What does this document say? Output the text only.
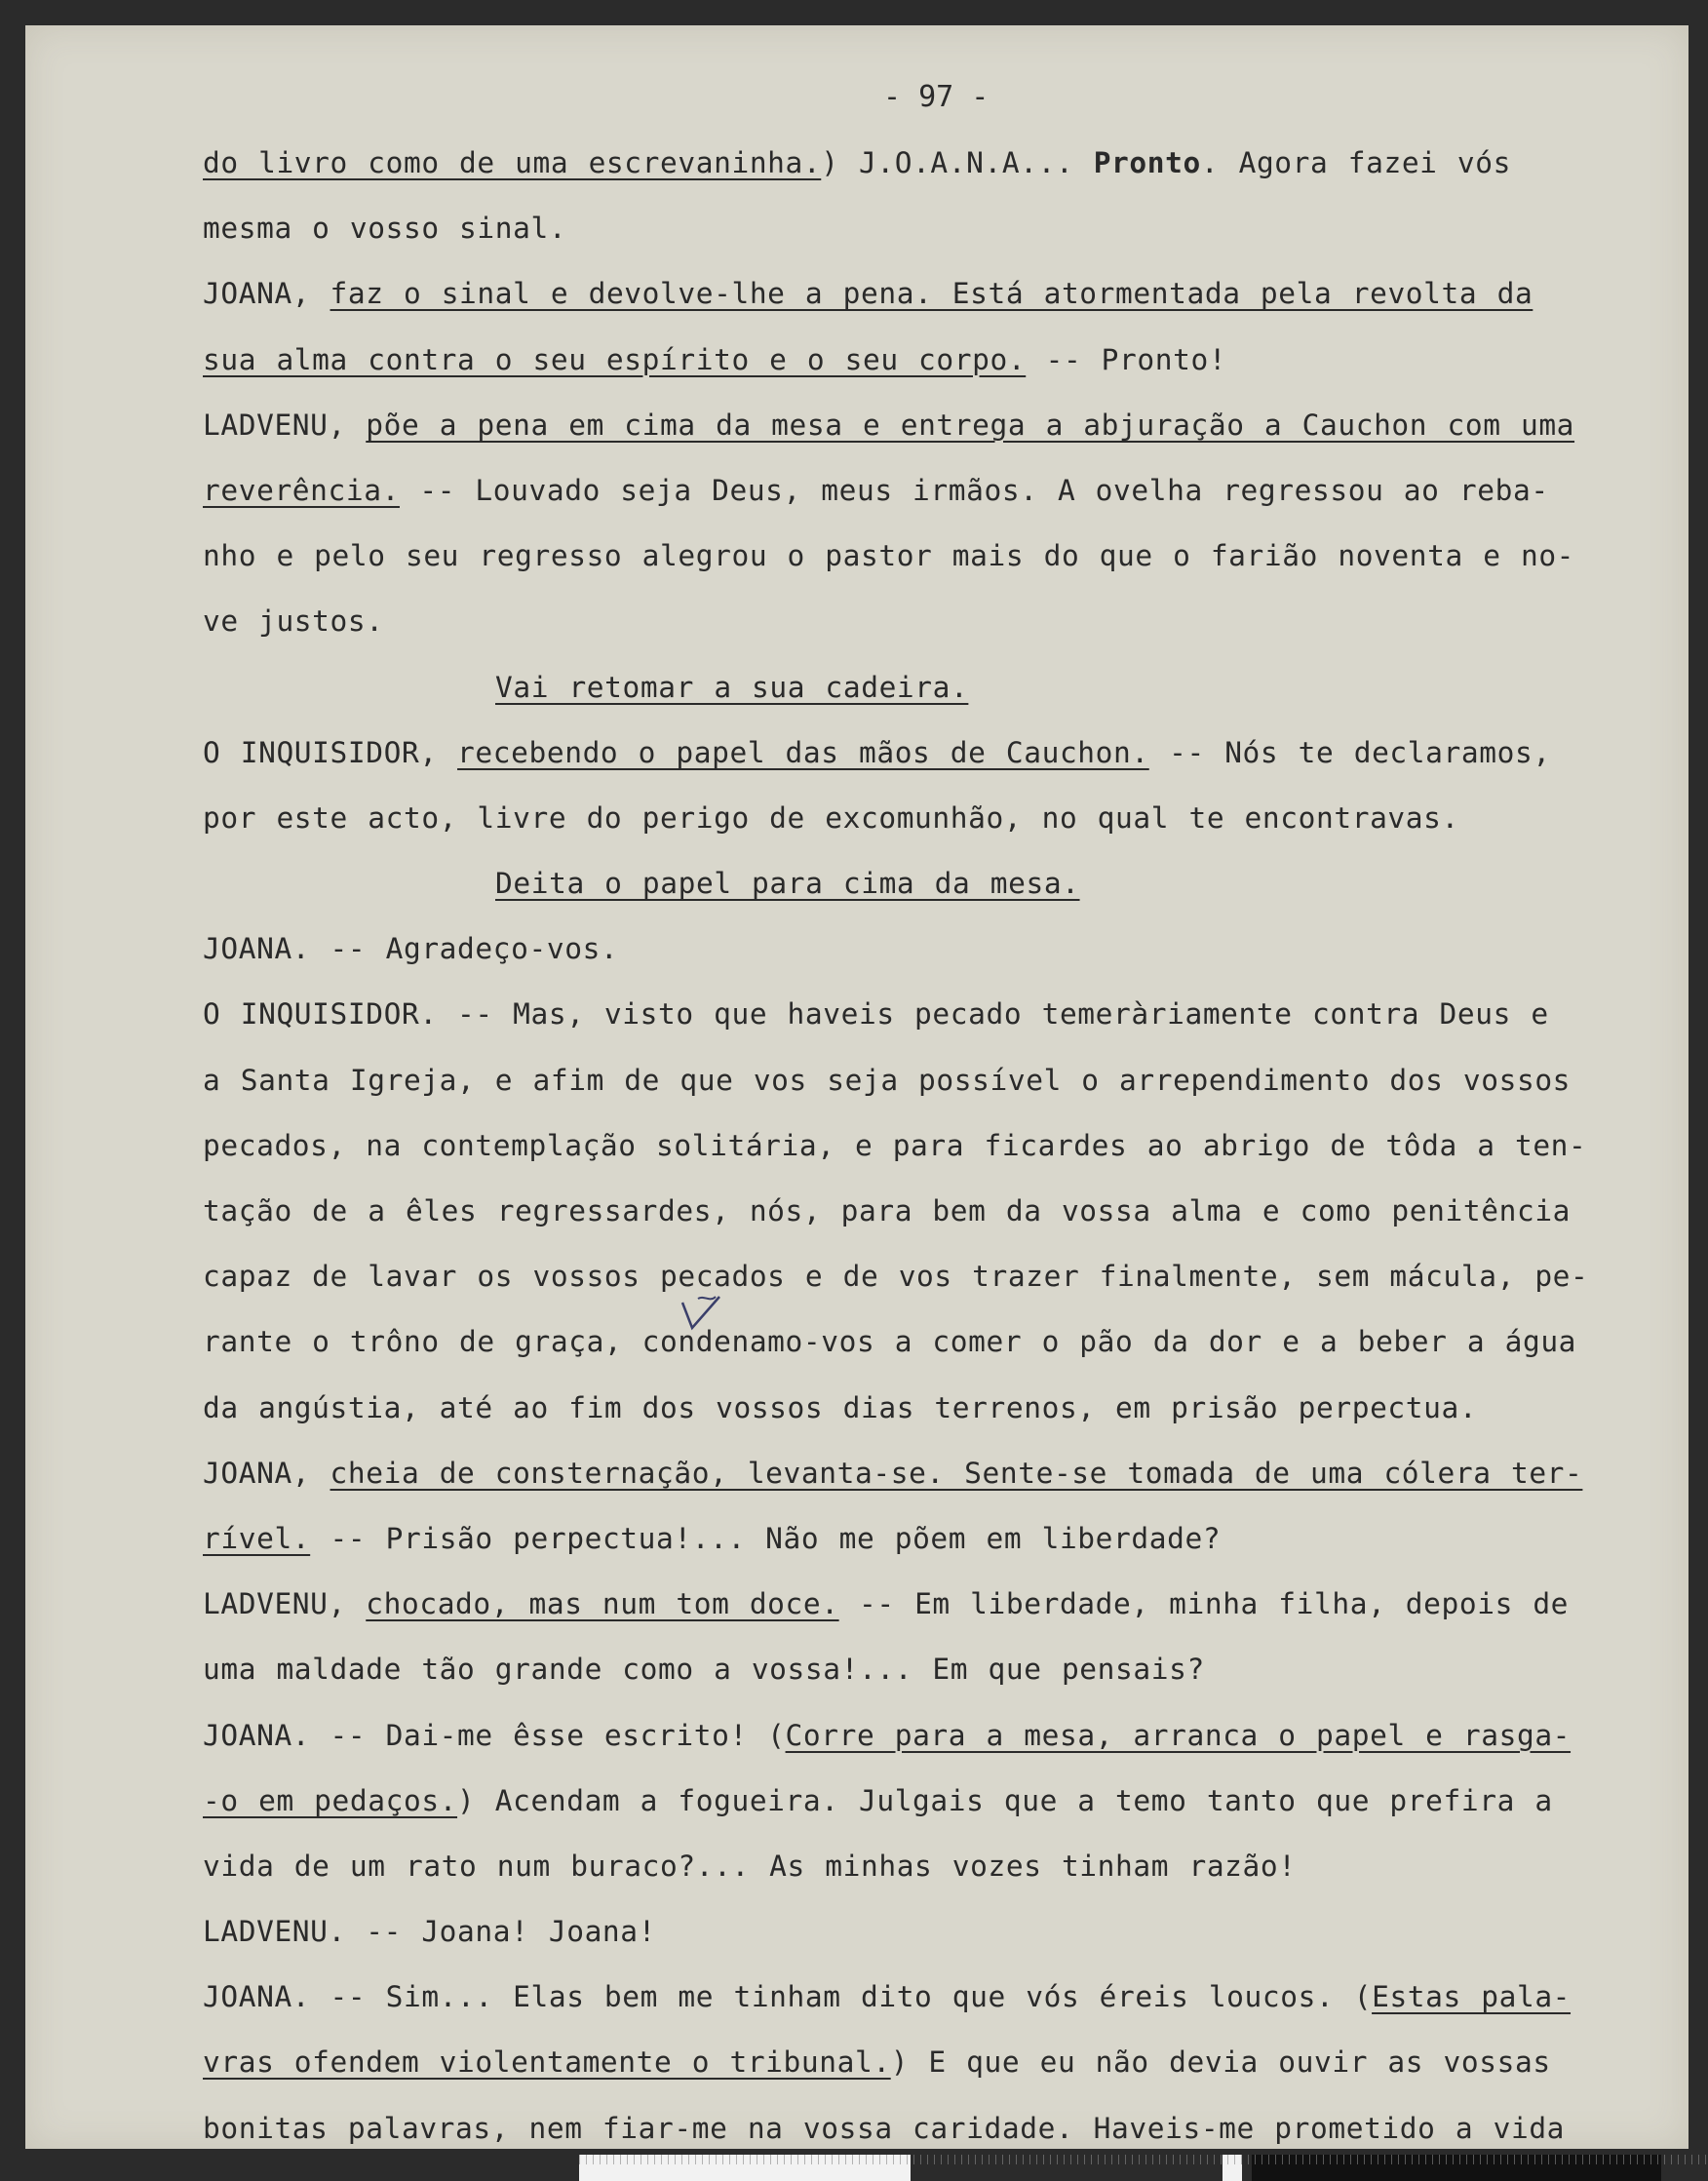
- 97 -
do livro como de uma escrevaninha.) J.O.A.N.A... Pronto. Agora fazei vós
mesma o vosso sinal.
JOANA, faz o sinal e devolve-lhe a pena. Está atormentada pela revolta da
sua alma contra o seu espírito e o seu corpo. -- Pronto!
LADVENU, põe a pena em cima da mesa e entrega a abjuração a Cauchon com uma
reverência. -- Louvado seja Deus, meus irmãos. A ovelha regressou ao reba-
nho e pelo seu regresso alegrou o pastor mais do que o farião noventa e no-
ve justos.
Vai retomar a sua cadeira.
O INQUISIDOR, recebendo o papel das mãos de Cauchon. -- Nós te declaramos,
por este acto, livre do perigo de excomunhão, no qual te encontravas.
Deita o papel para cima da mesa.
JOANA. -- Agradeço-vos.
O INQUISIDOR. -- Mas, visto que haveis pecado temeràriamente contra Deus e
a Santa Igreja, e afim de que vos seja possível o arrependimento dos vossos
pecados, na contemplação solitária, e para ficardes ao abrigo de tôda a ten-
tação de a êles regressardes, nós, para bem da vossa alma e como penitência
capaz de lavar os vossos pecados e de vos trazer finalmente, sem mácula, pe-
rante o trôno de graça, condenamo-vos a comer o pão da dor e a beber a água
da angústia, até ao fim dos vossos dias terrenos, em prisão perpectua.
JOANA, cheia de consternação, levanta-se. Sente-se tomada de uma cólera ter-
rível. -- Prisão perpectua!... Não me põem em liberdade?
LADVENU, chocado, mas num tom doce. -- Em liberdade, minha filha, depois de
uma maldade tão grande como a vossa!... Em que pensais?
JOANA. -- Dai-me êsse escrito! (Corre para a mesa, arranca o papel e rasga-
-o em pedaços.) Acendam a fogueira. Julgais que a temo tanto que prefira a
vida de um rato num buraco?... As minhas vozes tinham razão!
LADVENU. -- Joana! Joana!
JOANA. -- Sim... Elas bem me tinham dito que vós éreis loucos. (Estas pala-
vras ofendem violentamente o tribunal.) E que eu não devia ouvir as vossas
bonitas palavras, nem fiar-me na vossa caridade. Haveis-me prometido a vida
